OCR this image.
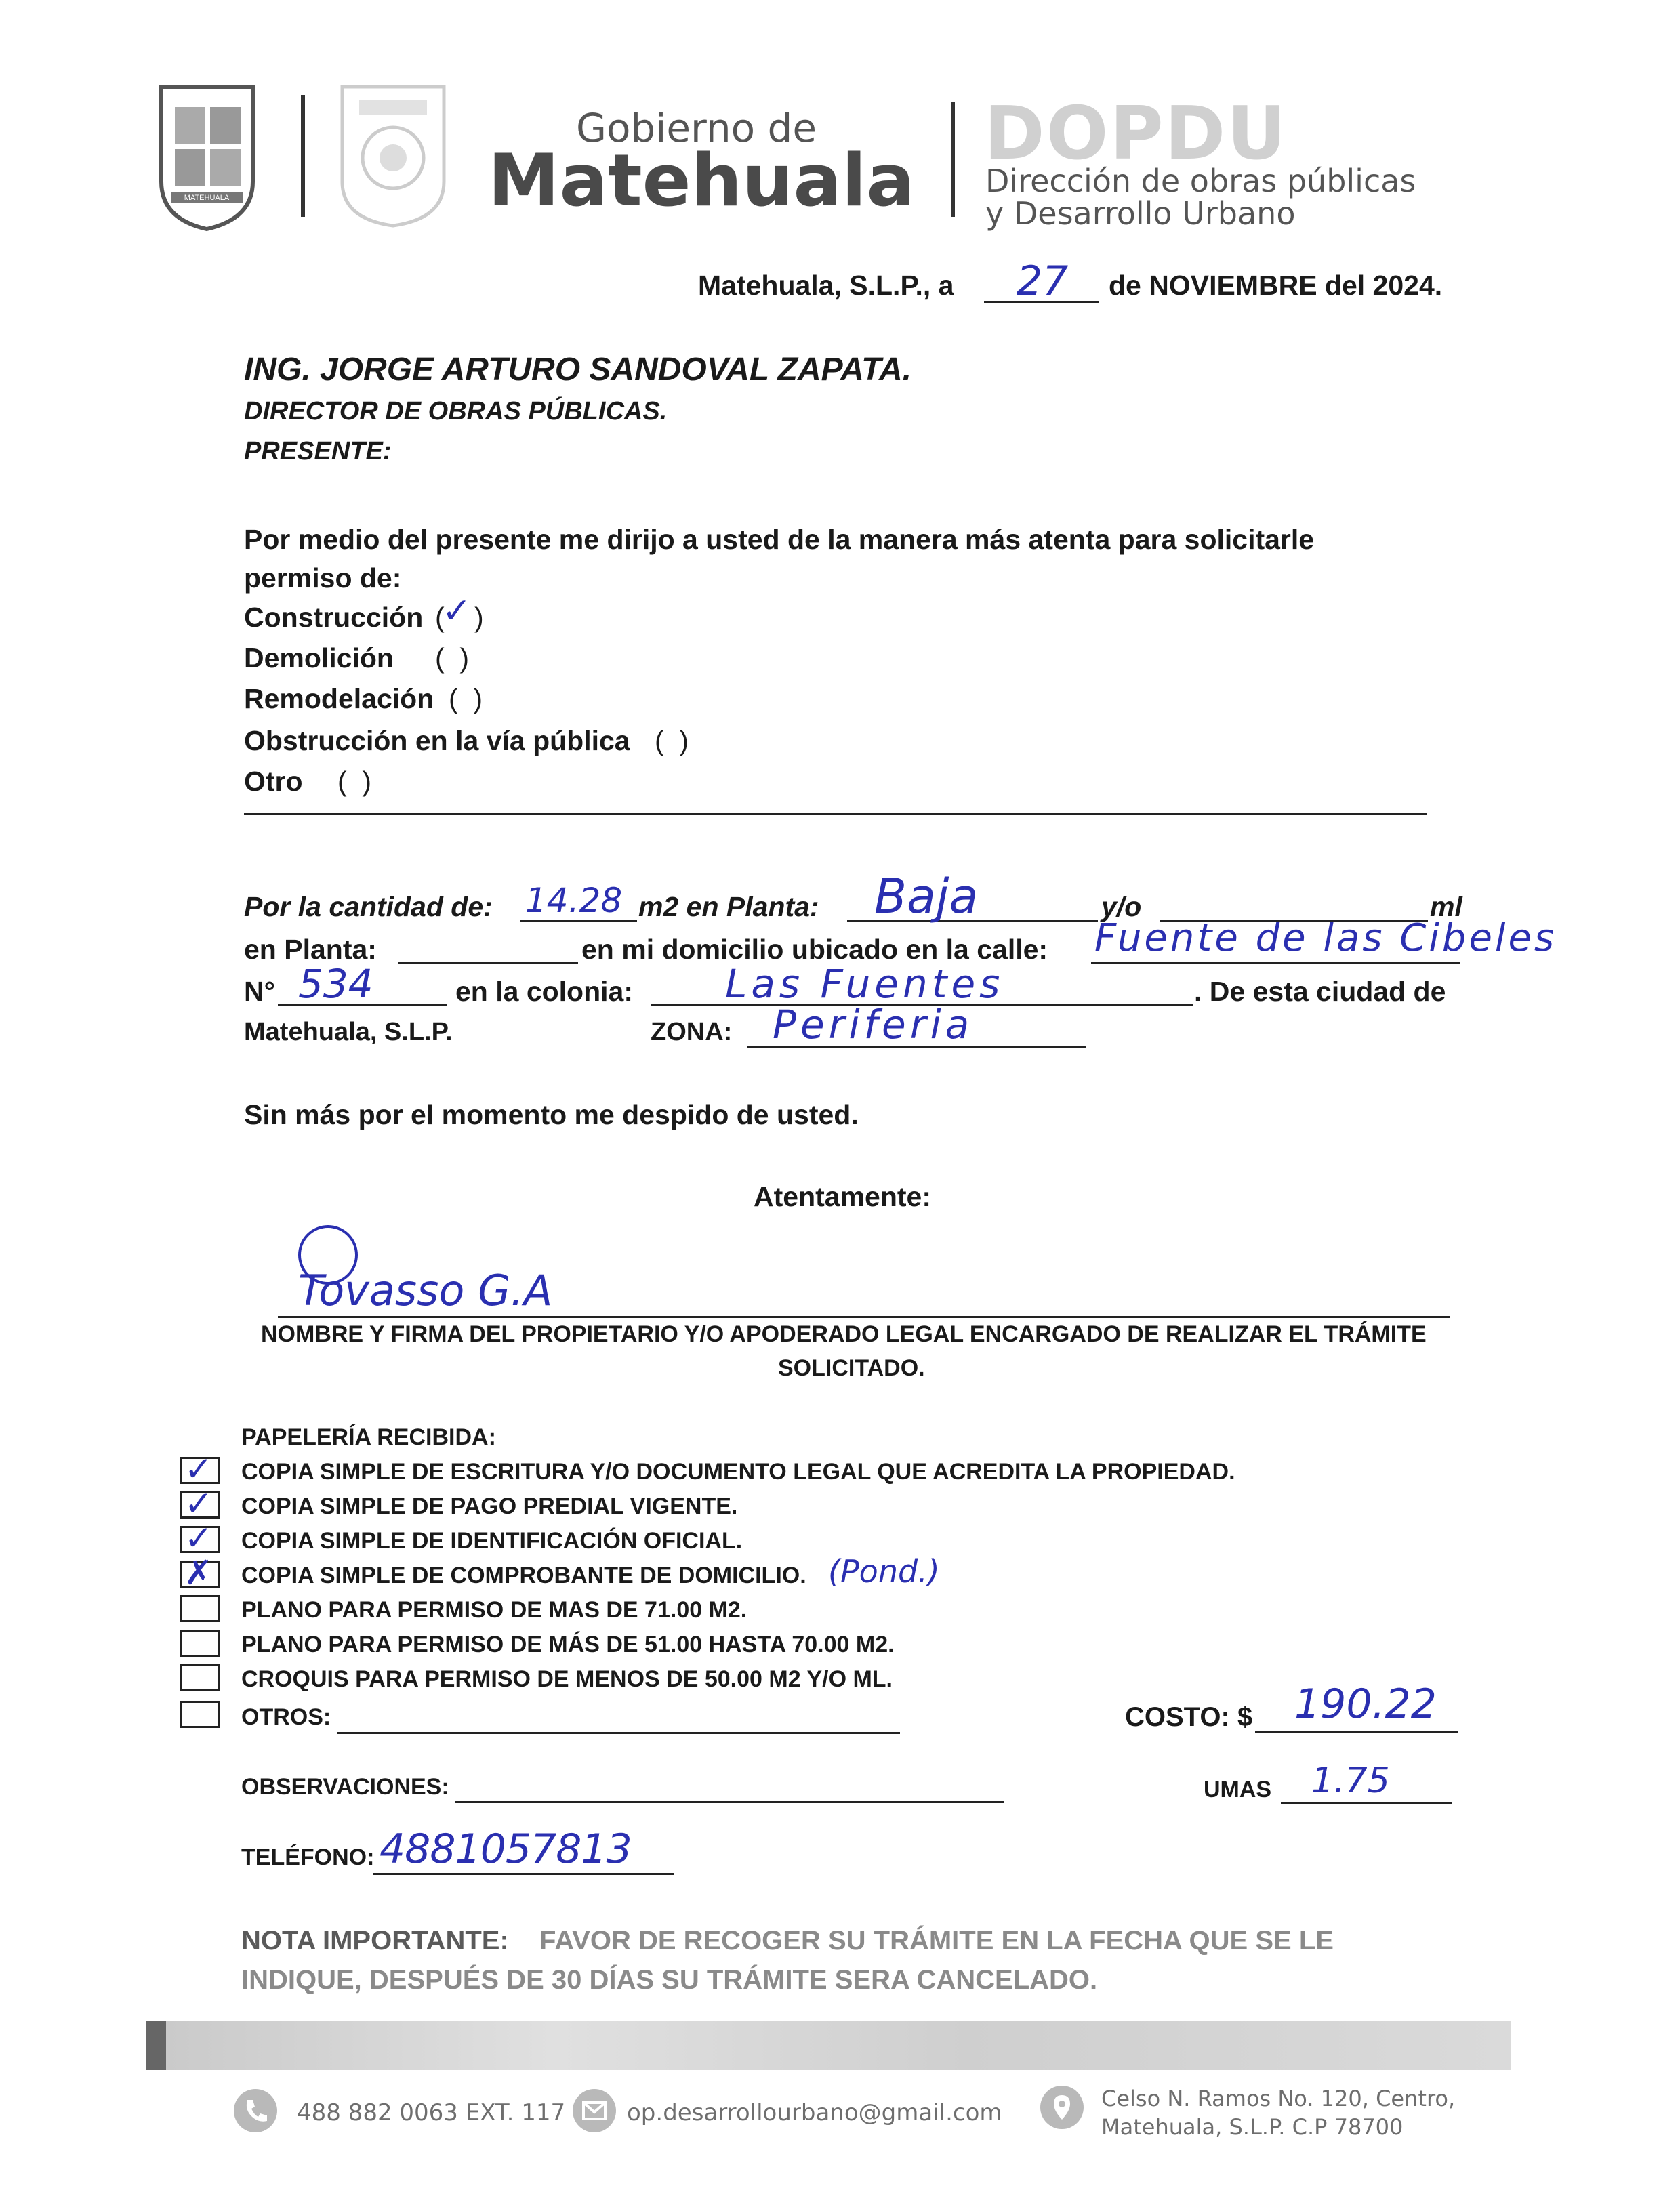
MATEHUALA
Gobierno de
Matehuala
DOPDU
Dirección de obras públicas
y Desarrollo Urbano
Matehuala, S.L.P., a 27 de NOVIEMBRE del 2024.
ING. JORGE ARTURO SANDOVAL ZAPATA.
DIRECTOR DE OBRAS PÚBLICAS.
PRESENTE:
Por medio del presente me dirijo a usted de la manera más atenta para solicitarle
permiso de:
Construcción (
✓ )
Demolición (  )
Remodelación (  )
Obstrucción en la vía pública (  )
Otro (  )
Por la cantidad de: 14.28 m2 en Planta: Baja	y/o	ml
en Planta:	en mi domicilio ubicado en la calle: Fuente de las Cibeles
N° 534	en la colonia: Las Fuentes	. De esta ciudad de
Matehuala, S.L.P.	ZONA: Periferia
Sin más por el momento me despido de usted.
Atentamente:
Tovasso G.A
NOMBRE Y FIRMA DEL PROPIETARIO Y/O APODERADO LEGAL ENCARGADO DE REALIZAR EL TRÁMITE
SOLICITADO.
PAPELERÍA RECIBIDA:
✓ COPIA SIMPLE DE ESCRITURA Y/O DOCUMENTO LEGAL QUE ACREDITA LA PROPIEDAD.
✓ COPIA SIMPLE DE PAGO PREDIAL VIGENTE.
✓ COPIA SIMPLE DE IDENTIFICACIÓN OFICIAL.
✗ COPIA SIMPLE DE COMPROBANTE DE DOMICILIO. (Pond.)
PLANO PARA PERMISO DE MAS DE 71.00 M2.
PLANO PARA PERMISO DE MÁS DE 51.00 HASTA 70.00 M2.
CROQUIS PARA PERMISO DE MENOS DE 50.00 M2 Y/O ML.
OTROS:	COSTO: $ 190.22
OBSERVACIONES:	UMAS 1.75
TELÉFONO: 4881057813
NOTA IMPORTANTE: FAVOR DE RECOGER SU TRÁMITE EN LA FECHA QUE SE LE
INDIQUE, DESPUÉS DE 30 DÍAS SU TRÁMITE SERA CANCELADO.
488 882 0063 EXT. 117	op.desarrollourbano@gmail.com
Celso N. Ramos No. 120, Centro,
Matehuala, S.L.P. C.P 78700
